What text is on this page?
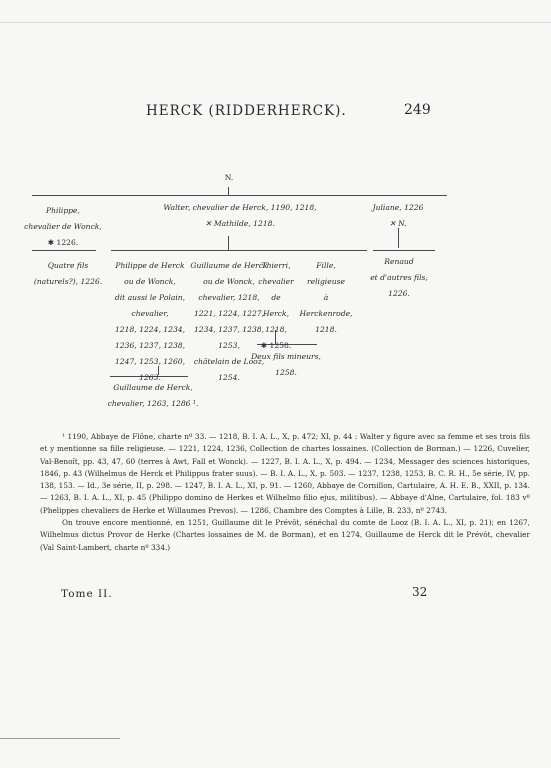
HERCK (RIDDERHERCK).	249
N.
Philippe,
chevalier de Wonck,
✱ 1226.
Walter, chevalier de Herck, 1190, 1218,
✕ Mathilde, 1218.
Juliane, 1226
✕ N.
Quatre fils
(naturels?), 1226.
Philippe de Herck
ou de Wonck,
dit aussi le Polain,
chevalier,
1218, 1224, 1234,
1236, 1237, 1238,
1247, 1253, 1260,
1263.
Guillaume de Herck
ou de Wonck,
chevalier, 1218,
1221, 1224, 1227,
1234, 1237, 1238,
1253,
châtelain de Looz,
1254.
Thierri,
chevalier
de
Herck,
1218,
✱ 1258.
Fille,
religieuse
à
Herckenrode,
1218.
Renaud
et d'autres fils,
1226.
Guillaume de Herck,
chevalier, 1263, 1286 ¹.
Deux fils mineurs,
1258.

¹ 1190, Abbaye de Flône, charte nº 33. — 1218, B. I. A. L., X, p. 472; XI, p. 44 : Walter y figure avec sa femme et ses trois fils et y mentionne sa fille religieuse. — 1221, 1224, 1236, Collection de chartes lossaines. (Collection de Borman.) — 1226, Cuvelier, Val-Benoît, pp. 43, 47, 60 (terres à Awt, Fall et Wonck). — 1227, B. I. A. L., X, p. 494. — 1234, Messager des sciences historiques, 1846, p. 43 (Wilhelmus de Herck et Philippus frater suus). — B. I. A. L., X, p. 503. — 1237, 1238, 1253, B. C. R. H., 5e série, IV, pp. 138, 153. — Id., 3e série, II, p. 298. — 1247, B. I. A. L., XI, p. 91. — 1260, Abbaye de Cornillon, Cartulaire, A. H. E. B., XXII, p. 134. — 1263, B. I. A. L., XI, p. 45 (Philippo domino de Herkes et Wilhelmo filio ejus, militibus). — Abbaye d'Alne, Cartulaire, fol. 183 vº (Phelippes chevaliers de Herke et Willaumes Prevos). — 1286, Chambre des Comptes à Lille, B. 233, nº 2743.

On trouve encore mentionné, en 1251, Guillaume dit le Prévôt, sénéchal du comte de Looz (B. I. A. L., XI, p. 21); en 1267, Wilhelmus dictus Provor de Herke (Chartes lossaines de M. de Borman), et en 1274, Guillaume de Herck dit le Prévôt, chevalier (Val Saint-Lambert, charte nº 334.)

Tome II.	32
